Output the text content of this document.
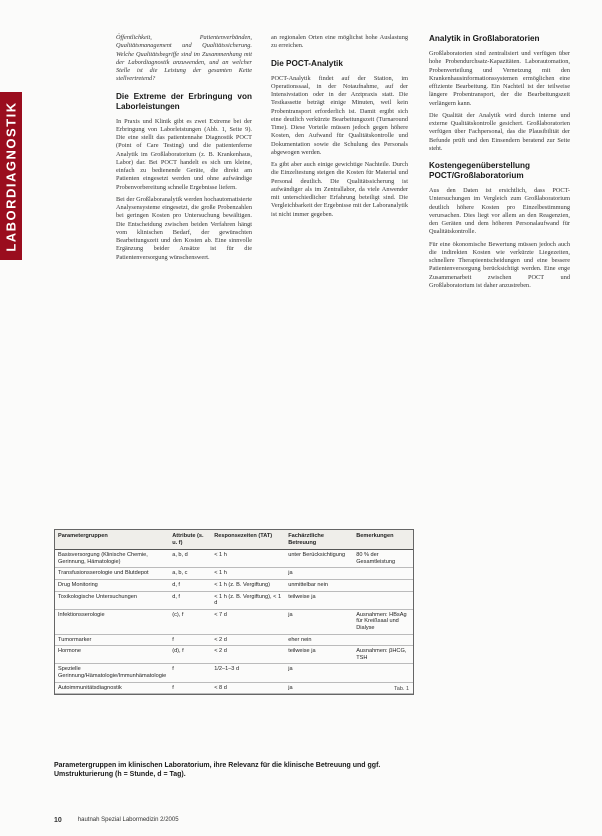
LABORDIAGNOSTIK

Öffentlichkeit, Patientenverbänden, Qualitätsmanagement und Qualitätssicherung. Welche Qualitätsbegriffe sind im Zusammenhang mit der Labordiagnostik anzuwenden, und an welcher Stelle ist die Leistung der gesamten Kette stellvertretend?

Die Extreme der Erbringung von Laborleistungen

In Praxis und Klinik gibt es zwei Extreme bei der Erbringung von Laborleistungen (Abb. 1, Seite 9). Die eine stellt das patientennahe Diagnostik POCT (Point of Care Testing) und die patientenferne Analytik im Großlaboratorium (z. B. Krankenhaus, Labor) dar. Bei POCT handelt es sich um kleine, einfach zu bedienende Geräte, die direkt am Patienten eingesetzt werden und ohne aufwändige Probenvorbereitung schnelle Ergebnisse liefern.

Bei der Großlaboranalytik werden hochautomatisierte Analysensysteme eingesetzt, die große Probenzahlen bei geringen Kosten pro Untersuchung bewältigen. Die Entscheidung zwischen beiden Verfahren hängt vom klinischen Bedarf, der gewünschten Bearbeitungszeit und den Kosten ab. Eine sinnvolle Ergänzung beider Ansätze ist für die Patientenversorgung wünschenswert.

an regionalen Orten eine möglichst hohe Auslastung zu erreichen.

Die POCT-Analytik

POCT-Analytik findet auf der Station, im Operationssaal, in der Notaufnahme, auf der Intensivstation oder in der Arztpraxis statt. Die Testkassette beträgt einige Minuten, weil kein Probentransport erforderlich ist. Damit ergibt sich eine deutlich verkürzte Bearbeitungszeit (Turnaround Time). Diese Vorteile müssen jedoch gegen höhere Kosten, den Aufwand für Qualitätskontrolle und Dokumentation sowie die Schulung des Personals abgewogen werden.

Es gibt aber auch einige gewichtige Nachteile. Durch die Einzeltestung steigen die Kosten für Material und Personal deutlich. Die Qualitätssicherung ist aufwändiger als im Zentrallabor, da viele Anwender mit unterschiedlicher Erfahrung beteiligt sind. Die Vergleichbarkeit der Ergebnisse mit der Laboranalytik ist nicht immer gegeben.

Analytik in Großlaboratorien

Großlaboratorien sind zentralisiert und verfügen über hohe Probendurchsatz-Kapazitäten. Laborautomation, Probenverteilung und Vernetzung mit den Krankenhausinformationssystemen ermöglichen eine effiziente Bearbeitung. Ein Nachteil ist der teilweise längere Probentransport, der die Bearbeitungszeit verlängern kann.

Die Qualität der Analytik wird durch interne und externe Qualitätskontrolle gesichert. Großlaboratorien verfügen über Fachpersonal, das die Plausibilität der Befunde prüft und den Einsendern beratend zur Seite steht.

Kostengegenüberstellung POCT/Großlaboratorium

Aus den Daten ist ersichtlich, dass POCT-Untersuchungen im Vergleich zum Großlaboratorium deutlich höhere Kosten pro Einzelbestimmung verursachen. Dies liegt vor allem an den Reagenzien, den Geräten und dem höheren Personalaufwand für Qualitätskontrolle.

Für eine ökonomische Bewertung müssen jedoch auch die indirekten Kosten wie verkürzte Liegezeiten, schnellere Therapieentscheidungen und eine bessere Patientenversorgung berücksichtigt werden. Eine enge Zusammenarbeit zwischen POCT und Großlaboratorium ist daher anzustreben.

Parametergruppen	Attribute (s. u. f)	Responsezeiten (TAT)	Fachärztliche Betreuung	Bemerkungen
Basisversorgung (Klinische Chemie, Gerinnung, Hämatologie)	a, b, d	< 1 h	unter Berücksichtigung	80 % der Gesamtleistung
Transfusionsserologie und Blutdepot	a, b, c	< 1 h	ja	
Drug Monitoring	d, f	< 1 h (z. B. Vergiftung)	unmittelbar nein	
Toxikologische Untersuchungen	d, f	< 1 h (z. B. Vergiftung), < 1 d	teilweise ja	
Infektionsserologie	(c), f	< 7 d	ja	Ausnahmen: HBsAg für Kreißsaal und Dialyse
Tumormarker	f	< 2 d	eher nein	
Hormone	(d), f	< 2 d	teilweise ja	Ausnahmen: βHCG, TSH
Spezielle Gerinnung/Hämatologie/Immunhämatologie	f	1/2–1–3 d	ja	
Autoimmunitätsdiagnostik	f	< 8 d	ja		Tab. 1
Parametergruppen im klinischen Laboratorium, ihre Relevanz für die klinische Betreuung und ggf. Umstrukturierung (h = Stunde, d = Tag).
10	hautnah Spezial Labormedizin 2/2005
